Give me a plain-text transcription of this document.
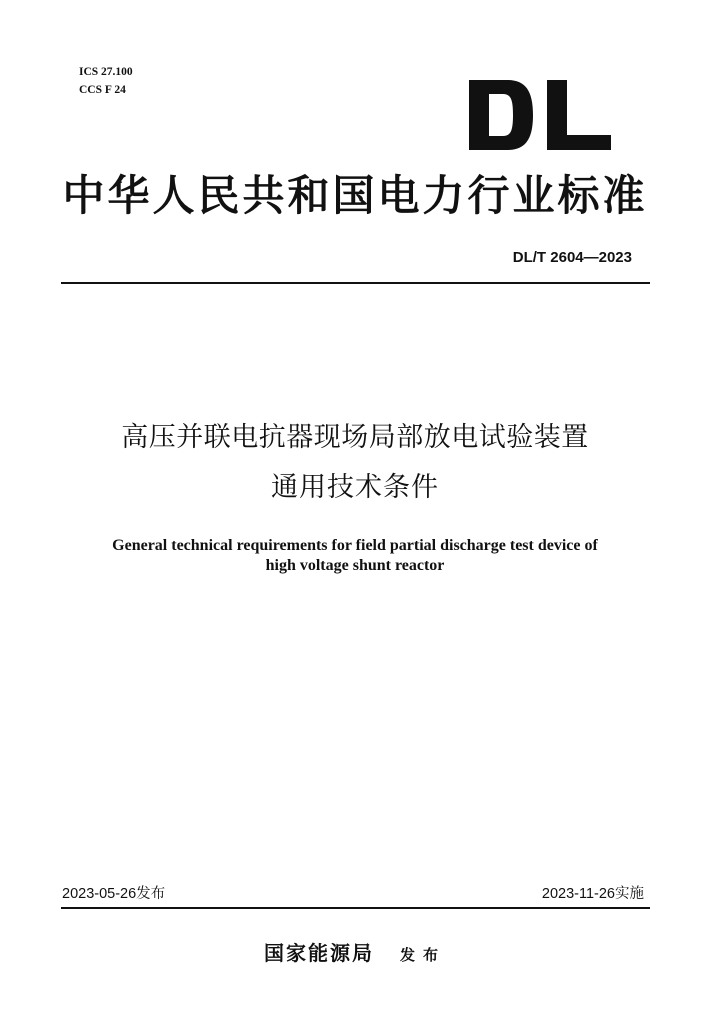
ICS 27.100
CCS F 24
中华人民共和国电力行业标准
DL/T 2604—2023
高压并联电抗器现场局部放电试验装置
通用技术条件
General technical requirements for field partial discharge test device of
high voltage shunt reactor
2023-05-26发布	2023-11-26实施
国家能源局 发布
